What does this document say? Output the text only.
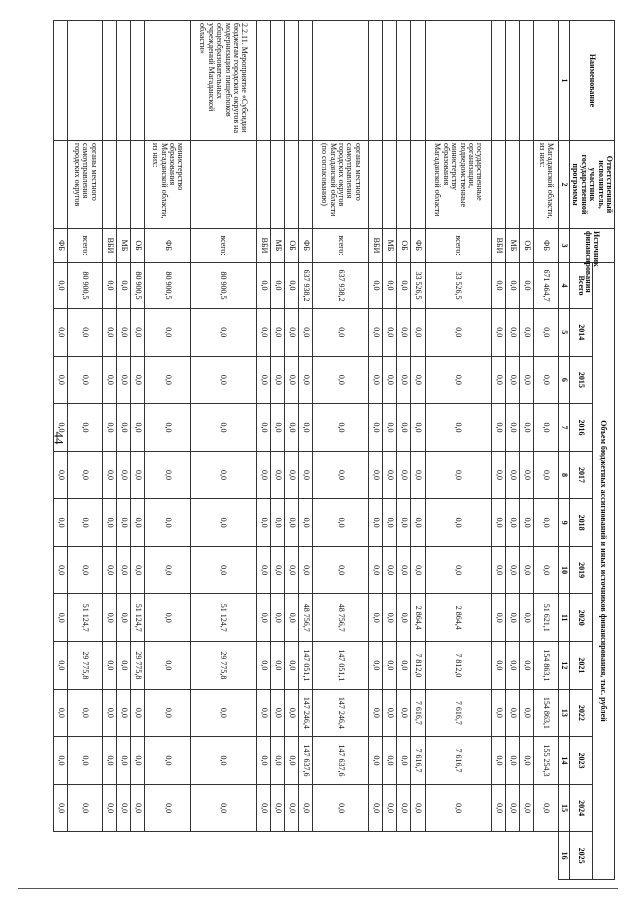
44
Наименование	Ответственный исполнитель, участник государственной программы	Источник финансирования	Объем бюджетных ассигнований и иных источников финансирования, тыс. рублей												
			Всего	2014	2015	2016	2017	2018	2019	2020	2021	2022	2023	2024	2025
1	2	3	4	5	6	7	8	9	10	11	12	13	14	15	16
	Магаданской области, из них:	ФБ	671 464,7	0,0	0,0	0,0	0,0	0,0	0,0	51 621,1	154 863,1	154 863,1	155 254,3	0,0	
		ОБ	0,0	0,0	0,0	0,0	0,0	0,0	0,0	0,0	0,0	0,0	0,0	0,0	
		МБ	0,0	0,0	0,0	0,0	0,0	0,0	0,0	0,0	0,0	0,0	0,0	0,0	
		ВБИ	0,0	0,0	0,0	0,0	0,0	0,0	0,0	0,0	0,0	0,0	0,0	0,0	
	государственные организации, подведомственные министерству образования Магаданской области	всего:	33 526,5	0,0	0,0	0,0	0,0	0,0	0,0	2 864,4	7 812,0	7 616,7	7 616,7	0,0	
		ФБ	33 526,5	0,0	0,0	0,0	0,0	0,0	0,0	2 864,4	7 812,0	7 616,7	7 616,7	0,0	
		ОБ	0,0	0,0	0,0	0,0	0,0	0,0	0,0	0,0	0,0	0,0	0,0	0,0	
		МБ	0,0	0,0	0,0	0,0	0,0	0,0	0,0	0,0	0,0	0,0	0,0	0,0	
		ВБИ	0,0	0,0	0,0	0,0	0,0	0,0	0,0	0,0	0,0	0,0	0,0	0,0	
	органы местного самоуправления городских округов Магаданской области (по согласованию)	всего:	637 938,2	0,0	0,0	0,0	0,0	0,0	0,0	48 756,7	147 051,1	147 246,4	147 637,6	0,0	
		ФБ	637 938,2	0,0	0,0	0,0	0,0	0,0	0,0	48 756,7	147 051,1	147 246,4	147 637,6	0,0	
		ОБ	0,0	0,0	0,0	0,0	0,0	0,0	0,0	0,0	0,0	0,0	0,0	0,0	
		МБ	0,0	0,0	0,0	0,0	0,0	0,0	0,0	0,0	0,0	0,0	0,0	0,0	
		ВБИ	0,0	0,0	0,0	0,0	0,0	0,0	0,0	0,0	0,0	0,0	0,0	0,0	
2.2.11. Мероприятие «Субсидии бюджетам городских округов на модернизацию пищеблоков общеобразовательных учреждений Магаданской области»		всего:	80 900,5	0,0	0,0	0,0	0,0	0,0	0,0	51 124,7	29 775,8	0,0	0,0	0,0	
	министерство образования Магаданской области, из них:	ФБ	80 900,5	0,0	0,0	0,0	0,0	0,0	0,0	0,0	0,0	0,0	0,0	0,0	
		ОБ	80 900,5	0,0	0,0	0,0	0,0	0,0	0,0	51 124,7	29 775,8	0,0	0,0	0,0	
		МБ	0,0	0,0	0,0	0,0	0,0	0,0	0,0	0,0	0,0	0,0	0,0	0,0	
		ВБИ	0,0	0,0	0,0	0,0	0,0	0,0	0,0	0,0	0,0	0,0	0,0	0,0	
	органы местного самоуправления городских округов	всего:	80 900,5	0,0	0,0	0,0	0,0	0,0	0,0	51 124,7	29 775,8	0,0	0,0	0,0	
		ФБ	0,0	0,0	0,0	0,0	0,0	0,0	0,0	0,0	0,0	0,0	0,0	0,0	
